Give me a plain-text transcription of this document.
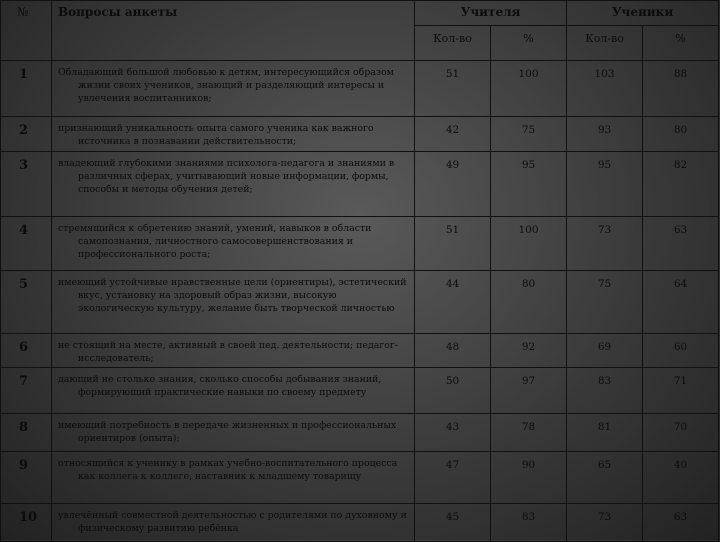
№	Вопросы анкеты	Учителя		Ученики	
		Кол-во	%	Кол-во	%
1	Обладающий большой любовью к детям, интересующийся образом жизни своих учеников, знающий и разделяющий интересы и увлечения воспитанников;	51	100	103	88
2	признающий уникальность опыта самого ученика как важного источника в познавании действительности;	42	75	93	80
3	владеющий глубокими знаниями психолога-педагога и знаниями в различных сферах, учитывающий новые информации, формы, способы и методы обучения детей;	49	95	95	82
4	стремящийся к обретению знаний, умений, навыков в области самопознания, личностного самосовершенствования и профессионального роста;	51	100	73	63
5	имеющий устойчивые нравственные цели (ориентиры), эстетический вкус, установку на здоровый образ жизни, высокую экологическую культуру, желание быть творческой личностью	44	80	75	64
6	не стоящий на месте, активный в своей пед. деятельности; педагог-исследователь;	48	92	69	60
7	дающий не столько знания, сколько способы добывания знаний, формирующий практические навыки по своему предмету	50	97	83	71
8	имеющий потребность в передаче жизненных и профессиональных ориентиров (опыта);	43	78	81	70
9	относящийся к ученику в рамках учебно-воспитательного процесса как коллега к коллеге, наставник к младшему товарищу	47	90	65	40
10	увлечённый совместной деятельностью с родителями по духовному и физическому развитию ребёнка	45	83	73	63
